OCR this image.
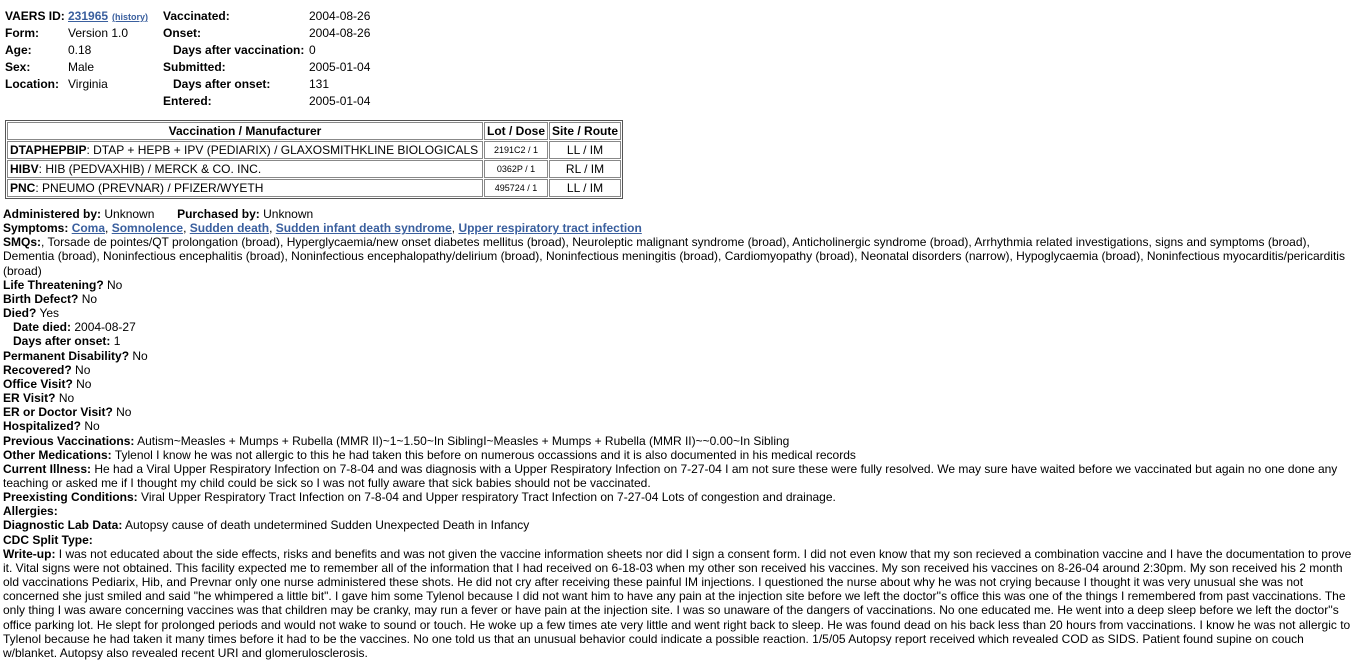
VAERS ID: 231965 (history)
Form: Version 1.0
Age:	0.18
Sex:	Male
Location: Virginia
Vaccinated:	2004-08-26
Onset:	2004-08-26
Days after vaccination: 0
Submitted:	2005-01-04
Days after onset:	131
Entered:	2005-01-04
Vaccination / Manufacturer	Lot / Dose	Site / Route
DTAPHEPBIP: DTAP + HEPB + IPV (PEDIARIX) / GLAXOSMITHKLINE BIOLOGICALS	2191C2 / 1	LL / IM
HIBV: HIB (PEDVAXHIB) / MERCK & CO. INC.	0362P / 1	RL / IM
PNC: PNEUMO (PREVNAR) / PFIZER/WYETH	495724 / 1	LL / IM
Administered by: Unknown Purchased by: Unknown
Symptoms: Coma, Somnolence, Sudden death, Sudden infant death syndrome, Upper respiratory tract infection
SMQs:, Torsade de pointes/QT prolongation (broad), Hyperglycaemia/new onset diabetes mellitus (broad), Neuroleptic malignant syndrome (broad), Anticholinergic syndrome (broad), Arrhythmia related investigations, signs and symptoms (broad), Dementia (broad), Noninfectious encephalitis (broad), Noninfectious encephalopathy/delirium (broad), Noninfectious meningitis (broad), Cardiomyopathy (broad), Neonatal disorders (narrow), Hypoglycaemia (broad), Noninfectious myocarditis/pericarditis (broad)
Life Threatening? No
Birth Defect? No
Died? Yes
Date died: 2004-08-27
Days after onset: 1
Permanent Disability? No
Recovered? No
Office Visit? No
ER Visit? No
ER or Doctor Visit? No
Hospitalized? No
Previous Vaccinations: Autism~Measles + Mumps + Rubella (MMR II)~1~1.50~In SiblingI~Measles + Mumps + Rubella (MMR II)~~0.00~In Sibling
Other Medications: Tylenol I know he was not allergic to this he had taken this before on numerous occassions and it is also documented in his medical records
Current Illness: He had a Viral Upper Respiratory Infection on 7-8-04 and was diagnosis with a Upper Respiratory Infection on 7-27-04 I am not sure these were fully resolved. We may sure have waited before we vaccinated but again no one done any teaching or asked me if I thought my child could be sick so I was not fully aware that sick babies should not be vaccinated.
Preexisting Conditions: Viral Upper Respiratory Tract Infection on 7-8-04 and Upper respiratory Tract Infection on 7-27-04 Lots of congestion and drainage.
Allergies:
Diagnostic Lab Data: Autopsy cause of death undetermined Sudden Unexpected Death in Infancy
CDC Split Type:
Write-up: I was not educated about the side effects, risks and benefits and was not given the vaccine information sheets nor did I sign a consent form. I did not even know that my son recieved a combination vaccine and I have the documentation to prove it. Vital signs were not obtained. This facility expected me to remember all of the information that I had received on 6-18-03 when my other son received his vaccines. My son received his vaccines on 8-26-04 around 2:30pm. My son received his 2 month old vaccinations Pediarix, Hib, and Prevnar only one nurse administered these shots. He did not cry after receiving these painful IM injections. I questioned the nurse about why he was not crying because I thought it was very unusual she was not concerned she just smiled and said "he whimpered a little bit". I gave him some Tylenol because I did not want him to have any pain at the injection site before we left the doctor''s office this was one of the things I remembered from past vaccinations. The only thing I was aware concerning vaccines was that children may be cranky, may run a fever or have pain at the injection site. I was so unaware of the dangers of vaccinations. No one educated me. He went into a deep sleep before we left the doctor''s office parking lot. He slept for prolonged periods and would not wake to sound or touch. He woke up a few times ate very little and went right back to sleep. He was found dead on his back less than 20 hours from vaccinations. I know he was not allergic to Tylenol because he had taken it many times before it had to be the vaccines. No one told us that an unusual behavior could indicate a possible reaction. 1/5/05 Autopsy report received which revealed COD as SIDS. Patient found supine on couch w/blanket. Autopsy also revealed recent URI and glomerulosclerosis.
